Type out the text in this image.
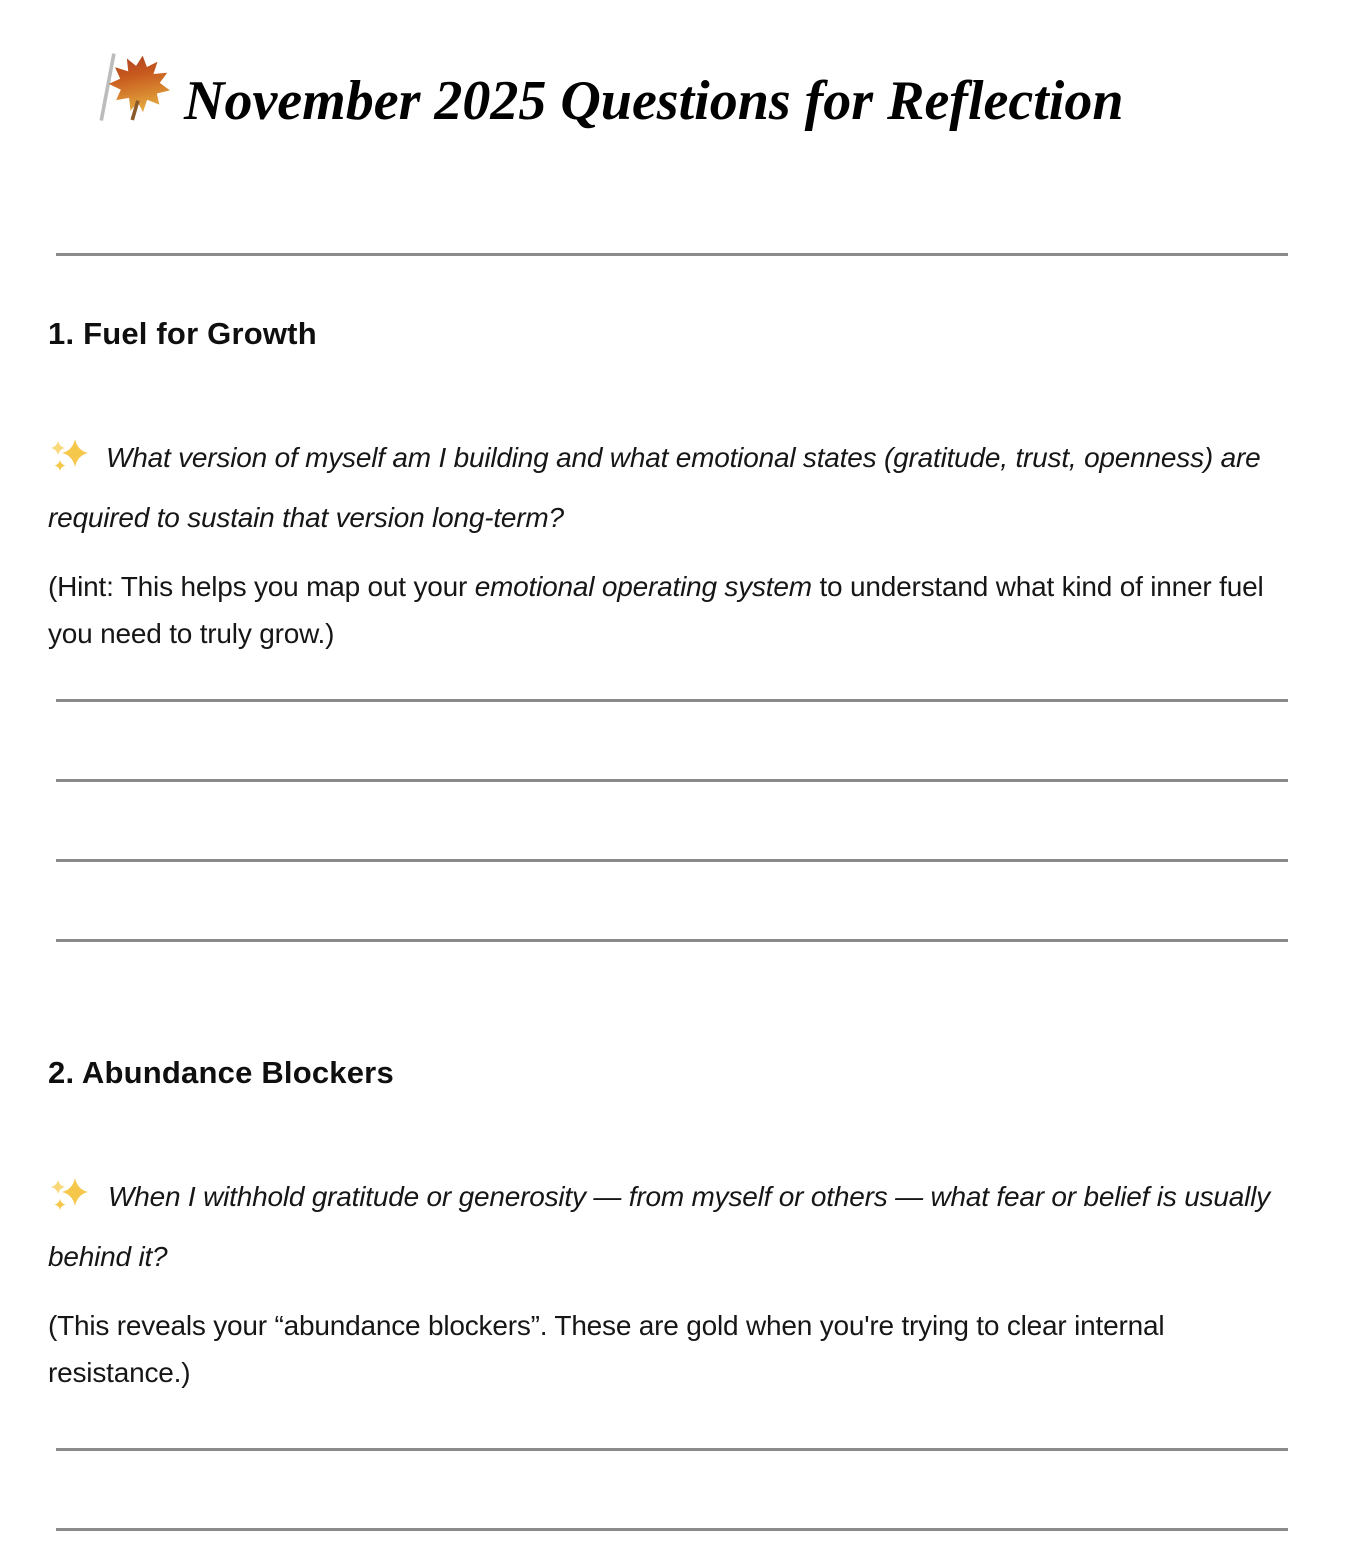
November 2025 Questions for Reflection
1. Fuel for Growth

What version of myself am I building and what emotional states (gratitude, trust, openness) are required to sustain that version long-term?

(Hint: This helps you map out your emotional operating system to understand what kind of inner fuel you need to truly grow.)

2. Abundance Blockers

When I withhold gratitude or generosity — from myself or others — what fear or belief is usually behind it?

(This reveals your “abundance blockers”. These are gold when you're trying to clear internal resistance.)
